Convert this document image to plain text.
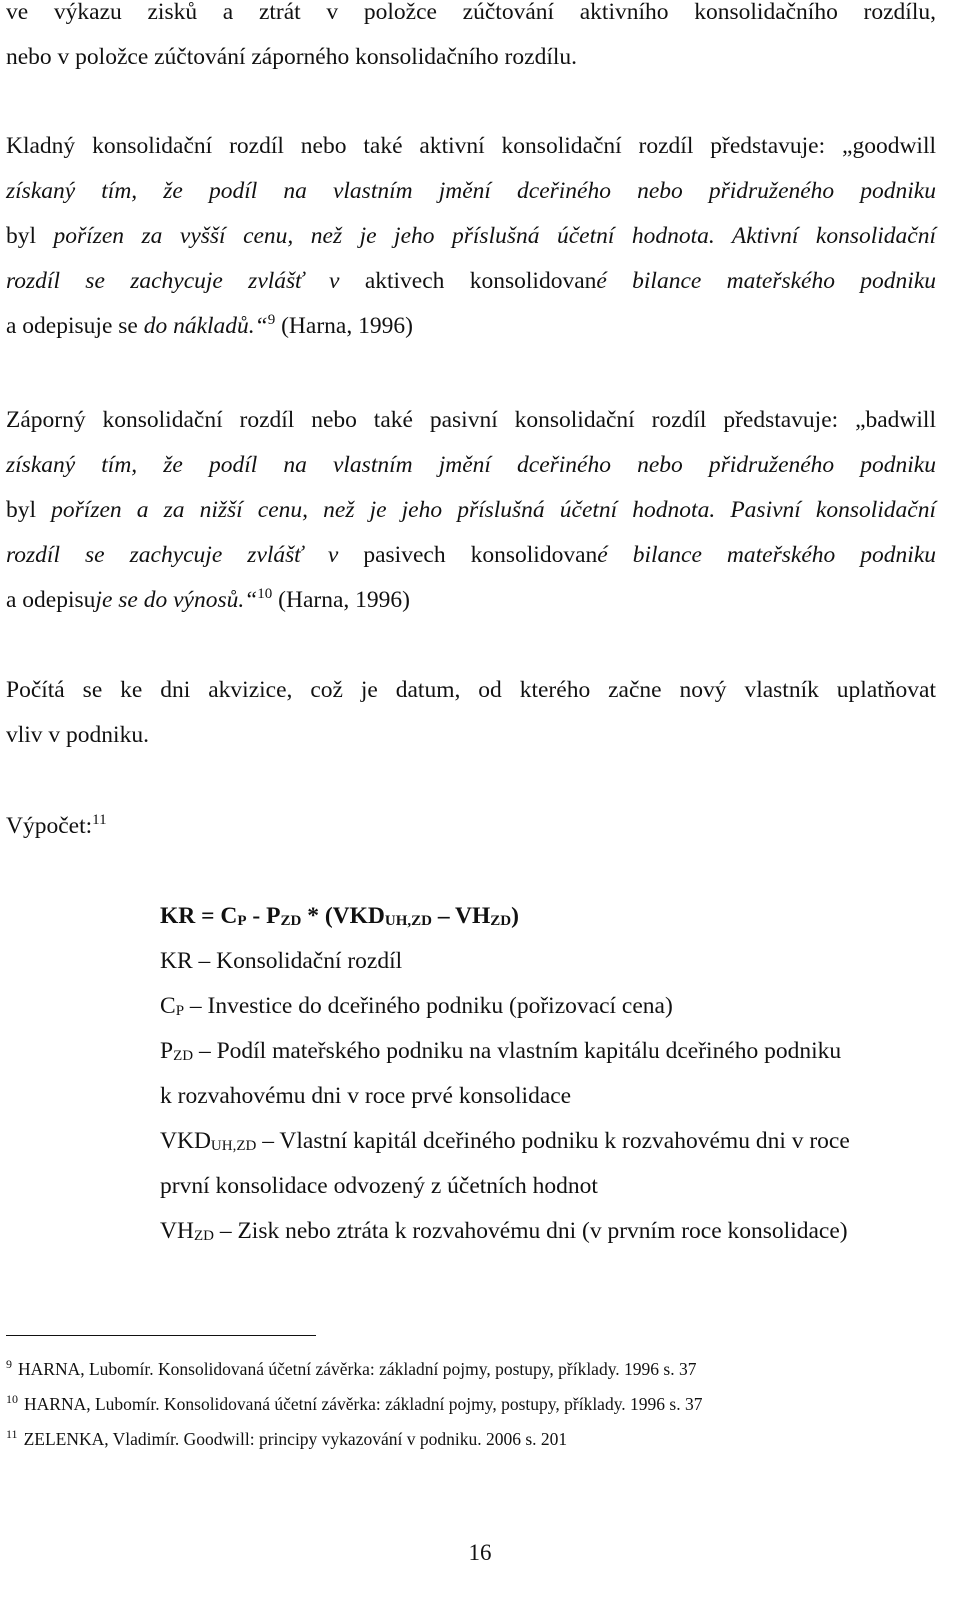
ve výkazu zisků a ztrát v položce zúčtování aktivního konsolidačního rozdílu,
nebo v položce zúčtování záporného konsolidačního rozdílu.
Kladný konsolidační rozdíl nebo také aktivní konsolidační rozdíl představuje: „goodwill
získaný tím, že podíl na vlastním jmění dceřiného nebo přidruženého podniku
byl pořízen za vyšší cenu, než je jeho příslušná účetní hodnota. Aktivní konsolidační
rozdíl se zachycuje zvlášť v aktivech konsolidované bilance mateřského podniku
a odepisuje se do nákladů.“$^9$ (Harna, 1996)
Záporný konsolidační rozdíl nebo také pasivní konsolidační rozdíl představuje: „badwill
získaný tím, že podíl na vlastním jmění dceřiného nebo přidruženého podniku
byl pořízen a za nižší cenu, než je jeho příslušná účetní hodnota. Pasivní konsolidační
rozdíl se zachycuje zvlášť v pasivech konsolidované bilance mateřského podniku
a odepisuje se do výnosů.“$^{10}$ (Harna, 1996)
Počítá se ke dni akvizice, což je datum, od kterého začne nový vlastník uplatňovat
vliv v podniku.
Výpočet:$^{11}$
KR = CP - PZD * (VKDUH,ZD – VHZD)
KR – Konsolidační rozdíl
CP – Investice do dceřiného podniku (pořizovací cena)
PZD – Podíl mateřského podniku na vlastním kapitálu dceřiného podniku
k rozvahovému dni v roce prvé konsolidace
VKDUH,ZD – Vlastní kapitál dceřiného podniku k rozvahovému dni v roce
první konsolidace odvozený z účetních hodnot
VHZD – Zisk nebo ztráta k rozvahovému dni (v prvním roce konsolidace)
$^9$ HARNA, Lubomír. Konsolidovaná účetní závěrka: základní pojmy, postupy, příklady. 1996 s. 37
$^{10}$ HARNA, Lubomír. Konsolidovaná účetní závěrka: základní pojmy, postupy, příklady. 1996 s. 37
$^{11}$ ZELENKA, Vladimír. Goodwill: principy vykazování v podniku. 2006 s. 201
16
